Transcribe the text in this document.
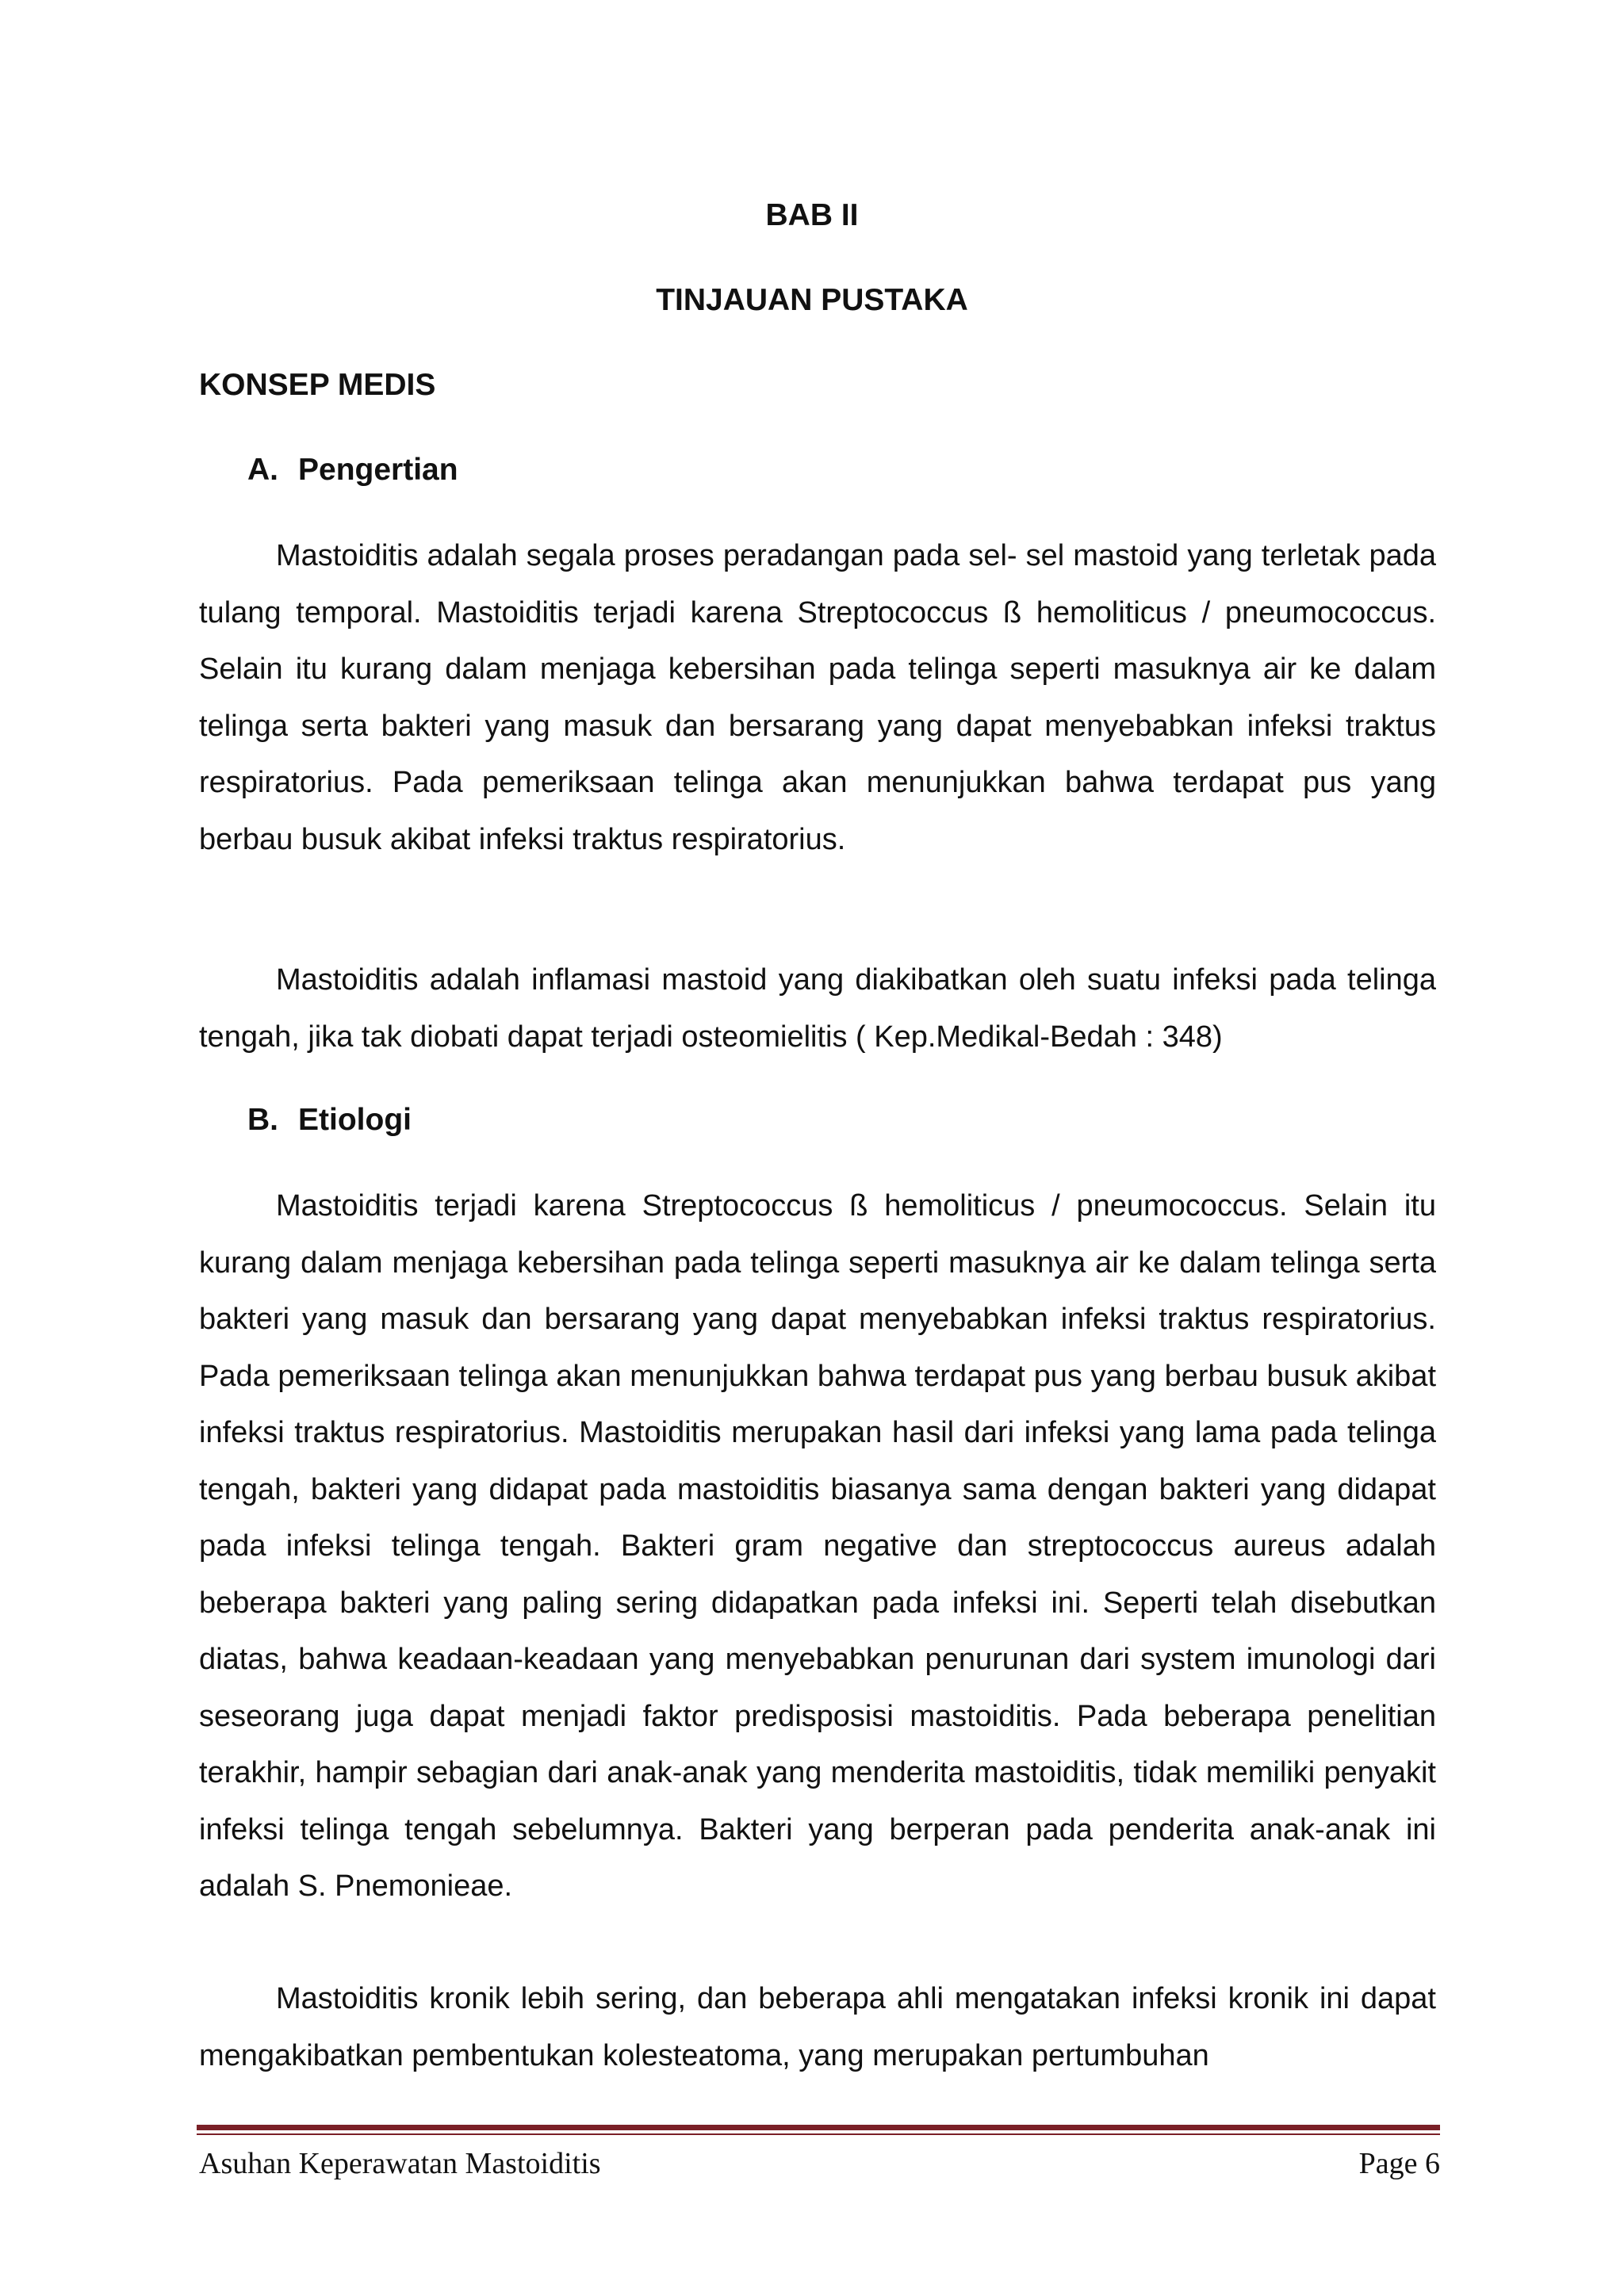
BAB II
TINJAUAN PUSTAKA
KONSEP MEDIS
A. Pengertian

Mastoiditis adalah segala proses peradangan pada sel- sel mastoid yang terletak pada tulang temporal. Mastoiditis terjadi karena Streptococcus ß hemoliticus / pneumococcus. Selain itu kurang dalam menjaga kebersihan pada telinga seperti masuknya air ke dalam telinga serta bakteri yang masuk dan bersarang yang dapat menyebabkan infeksi traktus respiratorius. Pada pemeriksaan telinga akan menunjukkan bahwa terdapat pus yang berbau busuk akibat infeksi traktus respiratorius.

Mastoiditis adalah inflamasi mastoid yang diakibatkan oleh suatu infeksi pada telinga tengah, jika tak diobati dapat terjadi osteomielitis ( Kep.Medikal-Bedah : 348)

B. Etiologi

Mastoiditis terjadi karena Streptococcus ß hemoliticus / pneumococcus. Selain itu kurang dalam menjaga kebersihan pada telinga seperti masuknya air ke dalam telinga serta bakteri yang masuk dan bersarang yang dapat menyebabkan infeksi traktus respiratorius. Pada pemeriksaan telinga akan menunjukkan bahwa terdapat pus yang berbau busuk akibat infeksi traktus respiratorius. Mastoiditis merupakan hasil dari infeksi yang lama pada telinga tengah, bakteri yang didapat pada mastoiditis biasanya sama dengan bakteri yang didapat pada infeksi telinga tengah. Bakteri gram negative dan streptococcus aureus adalah beberapa bakteri yang paling sering didapatkan pada infeksi ini. Seperti telah disebutkan diatas, bahwa keadaan-keadaan yang menyebabkan penurunan dari system imunologi dari seseorang juga dapat menjadi faktor predisposisi mastoiditis. Pada beberapa penelitian terakhir, hampir sebagian dari anak-anak yang menderita mastoiditis, tidak memiliki penyakit infeksi telinga tengah sebelumnya. Bakteri yang berperan pada penderita anak-anak ini adalah S. Pnemonieae.

Mastoiditis kronik lebih sering, dan beberapa ahli mengatakan infeksi kronik ini dapat mengakibatkan pembentukan kolesteatoma, yang merupakan pertumbuhan

Asuhan Keperawatan Mastoiditis	Page 6
